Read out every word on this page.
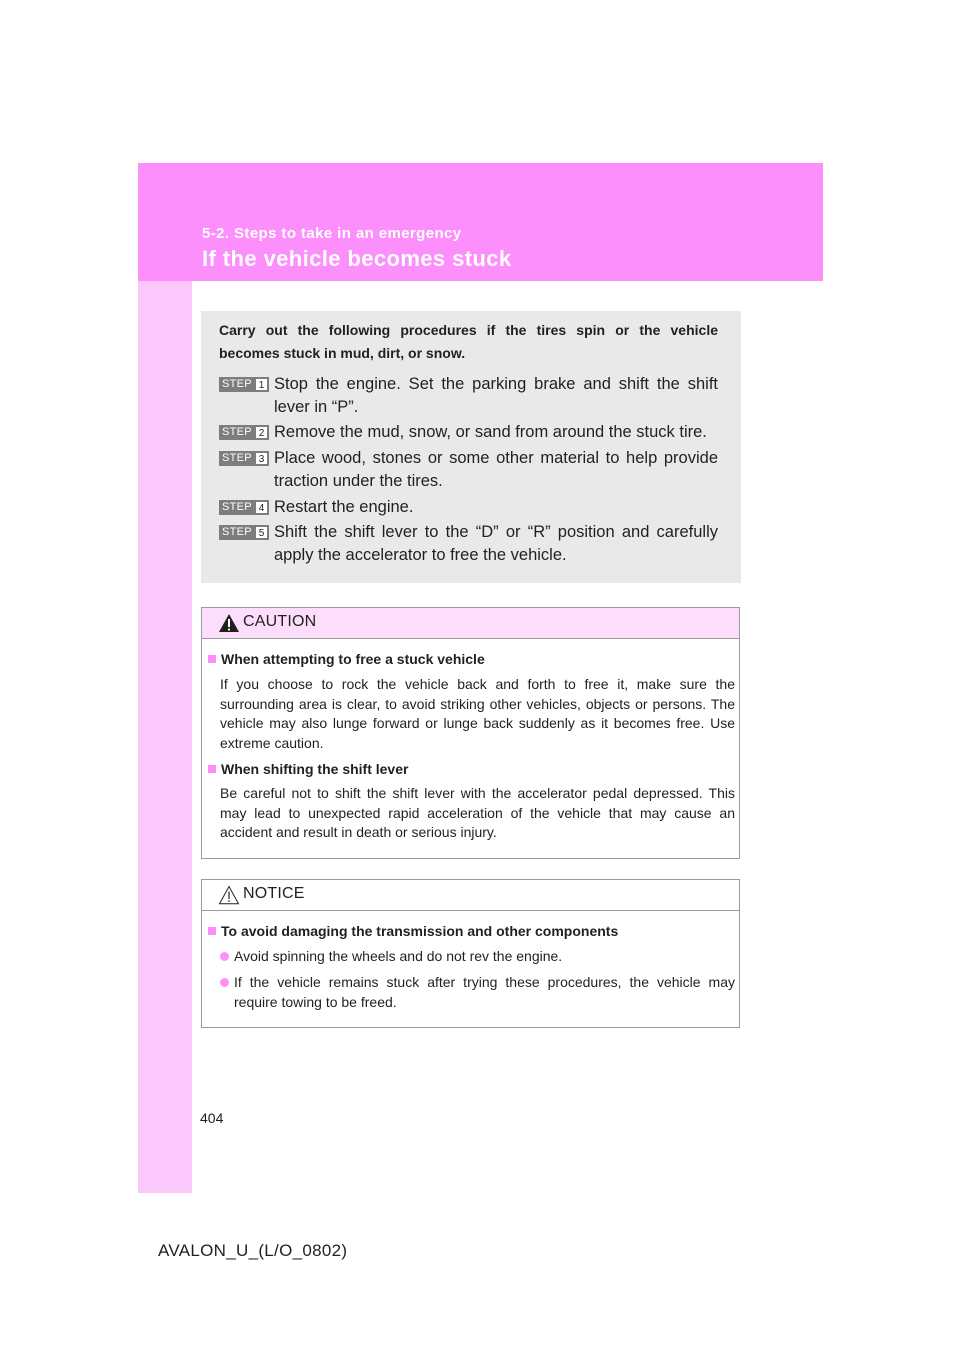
5-2. Steps to take in an emergency
If the vehicle becomes stuck
Carry out the following procedures if the tires spin or the vehicle
becomes stuck in mud, dirt, or snow.
STEP 1 Stop the engine. Set the parking brake and shift the shift lever in “P”.
STEP 2 Remove the mud, snow, or sand from around the stuck tire.
STEP 3 Place wood, stones or some other material to help provide traction under the tires.
STEP 4 Restart the engine.
STEP 5 Shift the shift lever to the “D” or “R” position and carefully apply the accelerator to free the vehicle.
CAUTION
When attempting to free a stuck vehicle
If you choose to rock the vehicle back and forth to free it, make sure the surrounding area is clear, to avoid striking other vehicles, objects or persons. The vehicle may also lunge forward or lunge back suddenly as it becomes free. Use extreme caution.
When shifting the shift lever
Be careful not to shift the shift lever with the accelerator pedal depressed. This may lead to unexpected rapid acceleration of the vehicle that may cause an accident and result in death or serious injury.
NOTICE
To avoid damaging the transmission and other components
Avoid spinning the wheels and do not rev the engine.
If the vehicle remains stuck after trying these procedures, the vehicle may require towing to be freed.
404
AVALON_U_(L/O_0802)
